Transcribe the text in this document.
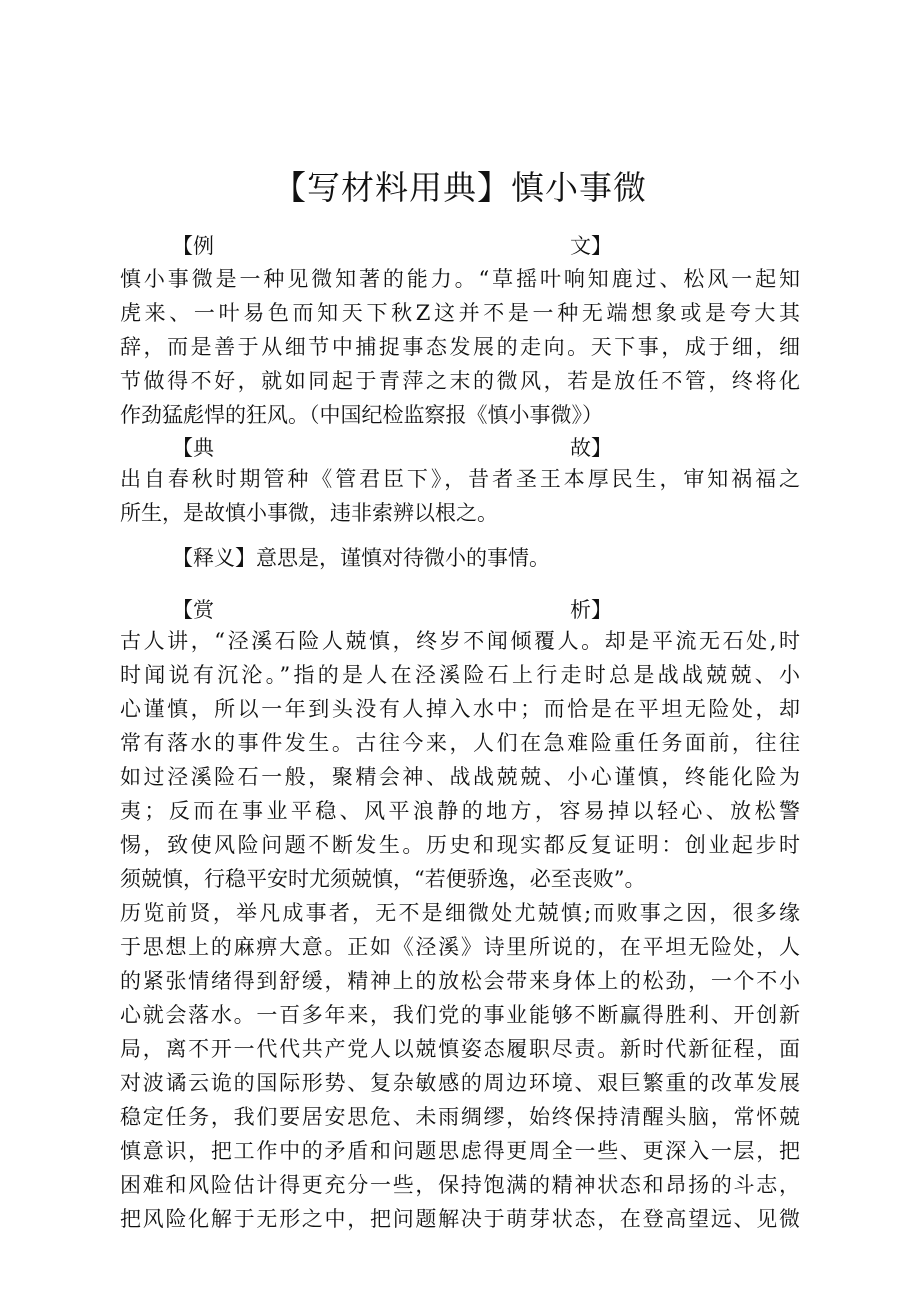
【写材料用典】慎小事微
【例	文】
慎小事微是一种见微知著的能力。“草摇叶响知鹿过、松风一起知
虎来、一叶易色而知天下秋Z这并不是一种无端想象或是夸大其
辞，而是善于从细节中捕捉事态发展的走向。天下事，成于细，细
节做得不好，就如同起于青萍之末的微风，若是放任不管，终将化
作劲猛彪悍的狂风。（中国纪检监察报《慎小事微》）
【典	故】
出自春秋时期管种《管君臣下》，昔者圣王本厚民生，审知祸福之
所生，是故慎小事微，违非索辨以根之。
【释义】意思是，谨慎对待微小的事情。
【赏	析】
古人讲，“泾溪石险人兢慎，终岁不闻倾覆人。却是平流无石处,时
时闻说有沉沦。”指的是人在泾溪险石上行走时总是战战兢兢、小
心谨慎，所以一年到头没有人掉入水中；而恰是在平坦无险处，却
常有落水的事件发生。古往今来，人们在急难险重任务面前，往往
如过泾溪险石一般，聚精会神、战战兢兢、小心谨慎，终能化险为
夷；反而在事业平稳、风平浪静的地方，容易掉以轻心、放松警
惕，致使风险问题不断发生。历史和现实都反复证明：创业起步时
须兢慎，行稳平安时尤须兢慎，“若便骄逸，必至丧败”。
历览前贤，举凡成事者，无不是细微处尤兢慎;而败事之因，很多缘
于思想上的麻痹大意。正如《泾溪》诗里所说的，在平坦无险处，人
的紧张情绪得到舒缓，精神上的放松会带来身体上的松劲，一个不小
心就会落水。一百多年来，我们党的事业能够不断赢得胜利、开创新
局，离不开一代代共产党人以兢慎姿态履职尽责。新时代新征程，面
对波谲云诡的国际形势、复杂敏感的周边环境、艰巨繁重的改革发展
稳定任务，我们要居安思危、未雨绸缪，始终保持清醒头脑，常怀兢
慎意识，把工作中的矛盾和问题思虑得更周全一些、更深入一层，把
困难和风险估计得更充分一些，保持饱满的精神状态和昂扬的斗志，
把风险化解于无形之中，把问题解决于萌芽状态，在登高望远、见微
